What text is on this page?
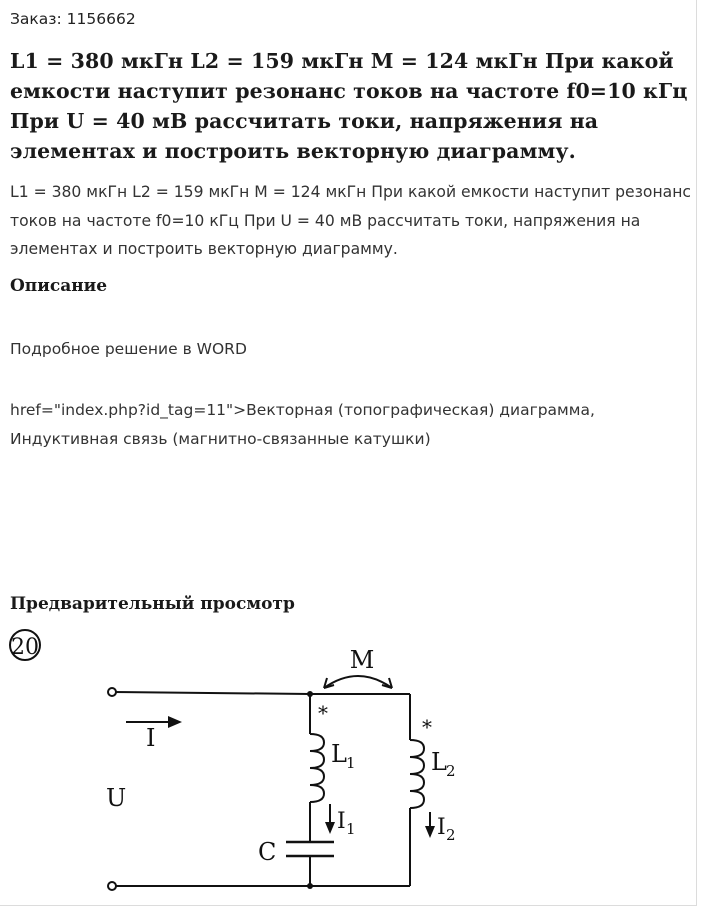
Заказ: 1156662
L1 = 380 мкГн L2 = 159 мкГн M = 124 мкГн При какой емкости наступит резонанс токов на частоте f0=10 кГц При U = 40 мВ рассчитать токи, напряжения на элементах и построить векторную диаграмму.

L1 = 380 мкГн L2 = 159 мкГн M = 124 мкГн При какой емкости наступит резонанс токов на частоте f0=10 кГц При U = 40 мВ рассчитать токи, напряжения на элементах и построить векторную диаграмму.

Описание

Подробное решение в WORD

href="index.php?id_tag=11">Векторная (топографическая) диаграмма, Индуктивная связь (магнитно-связанные катушки)

Предварительный просмотр
20	M
*
*
I
U
L 1	L 2
I 1	I 2
C
